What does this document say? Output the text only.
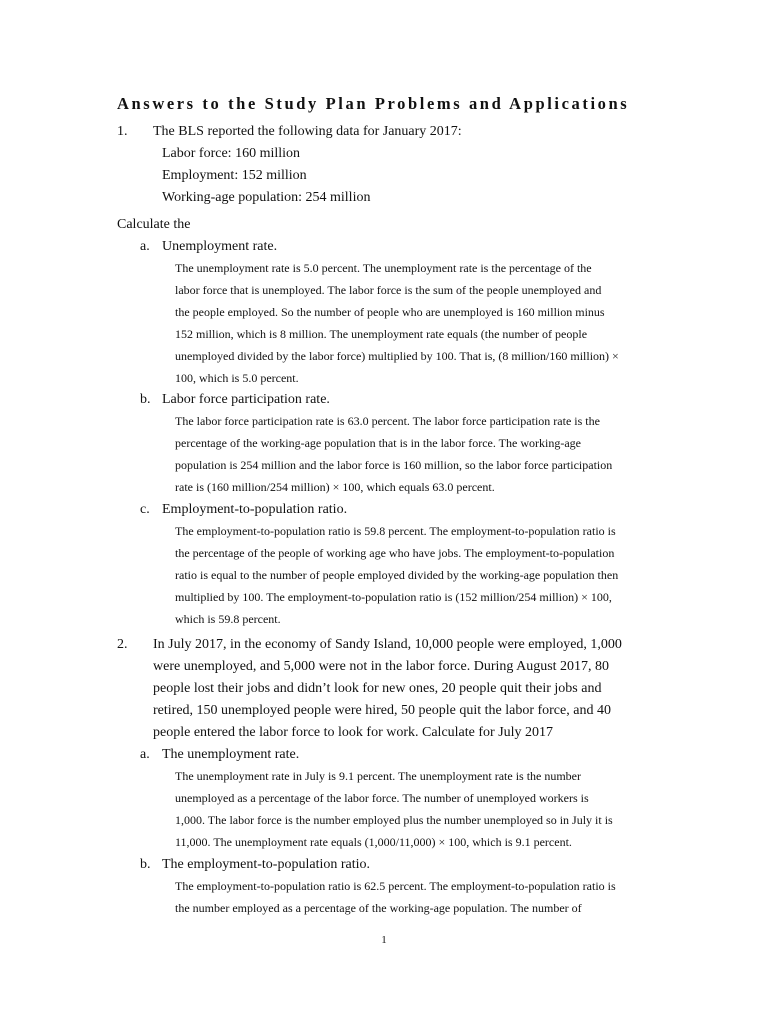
Answers to the Study Plan Problems and Applications
1. The BLS reported the following data for January 2017:

Labor force: 160 million

Employment: 152 million

Working-age population: 254 million

Calculate the

a. Unemployment rate.

The unemployment rate is 5.0 percent. The unemployment rate is the percentage of the

labor force that is unemployed. The labor force is the sum of the people unemployed and

the people employed. So the number of people who are unemployed is 160 million minus

152 million, which is 8 million. The unemployment rate equals (the number of people

unemployed divided by the labor force) multiplied by 100. That is, (8 million/160 million) ×

100, which is 5.0 percent.

b. Labor force participation rate.

The labor force participation rate is 63.0 percent. The labor force participation rate is the

percentage of the working-age population that is in the labor force. The working-age

population is 254 million and the labor force is 160 million, so the labor force participation

rate is (160 million/254 million) × 100, which equals 63.0 percent.

c. Employment-to-population ratio.

The employment-to-population ratio is 59.8 percent. The employment-to-population ratio is

the percentage of the people of working age who have jobs. The employment-to-population

ratio is equal to the number of people employed divided by the working-age population then

multiplied by 100. The employment-to-population ratio is (152 million/254 million) × 100,

which is 59.8 percent.

2. In July 2017, in the economy of Sandy Island, 10,000 people were employed, 1,000

were unemployed, and 5,000 were not in the labor force. During August 2017, 80

people lost their jobs and didn’t look for new ones, 20 people quit their jobs and

retired, 150 unemployed people were hired, 50 people quit the labor force, and 40

people entered the labor force to look for work. Calculate for July 2017

a. The unemployment rate.

The unemployment rate in July is 9.1 percent. The unemployment rate is the number

unemployed as a percentage of the labor force. The number of unemployed workers is

1,000. The labor force is the number employed plus the number unemployed so in July it is

11,000. The unemployment rate equals (1,000/11,000) × 100, which is 9.1 percent.

b. The employment-to-population ratio.

The employment-to-population ratio is 62.5 percent. The employment-to-population ratio is

the number employed as a percentage of the working-age population. The number of

1
